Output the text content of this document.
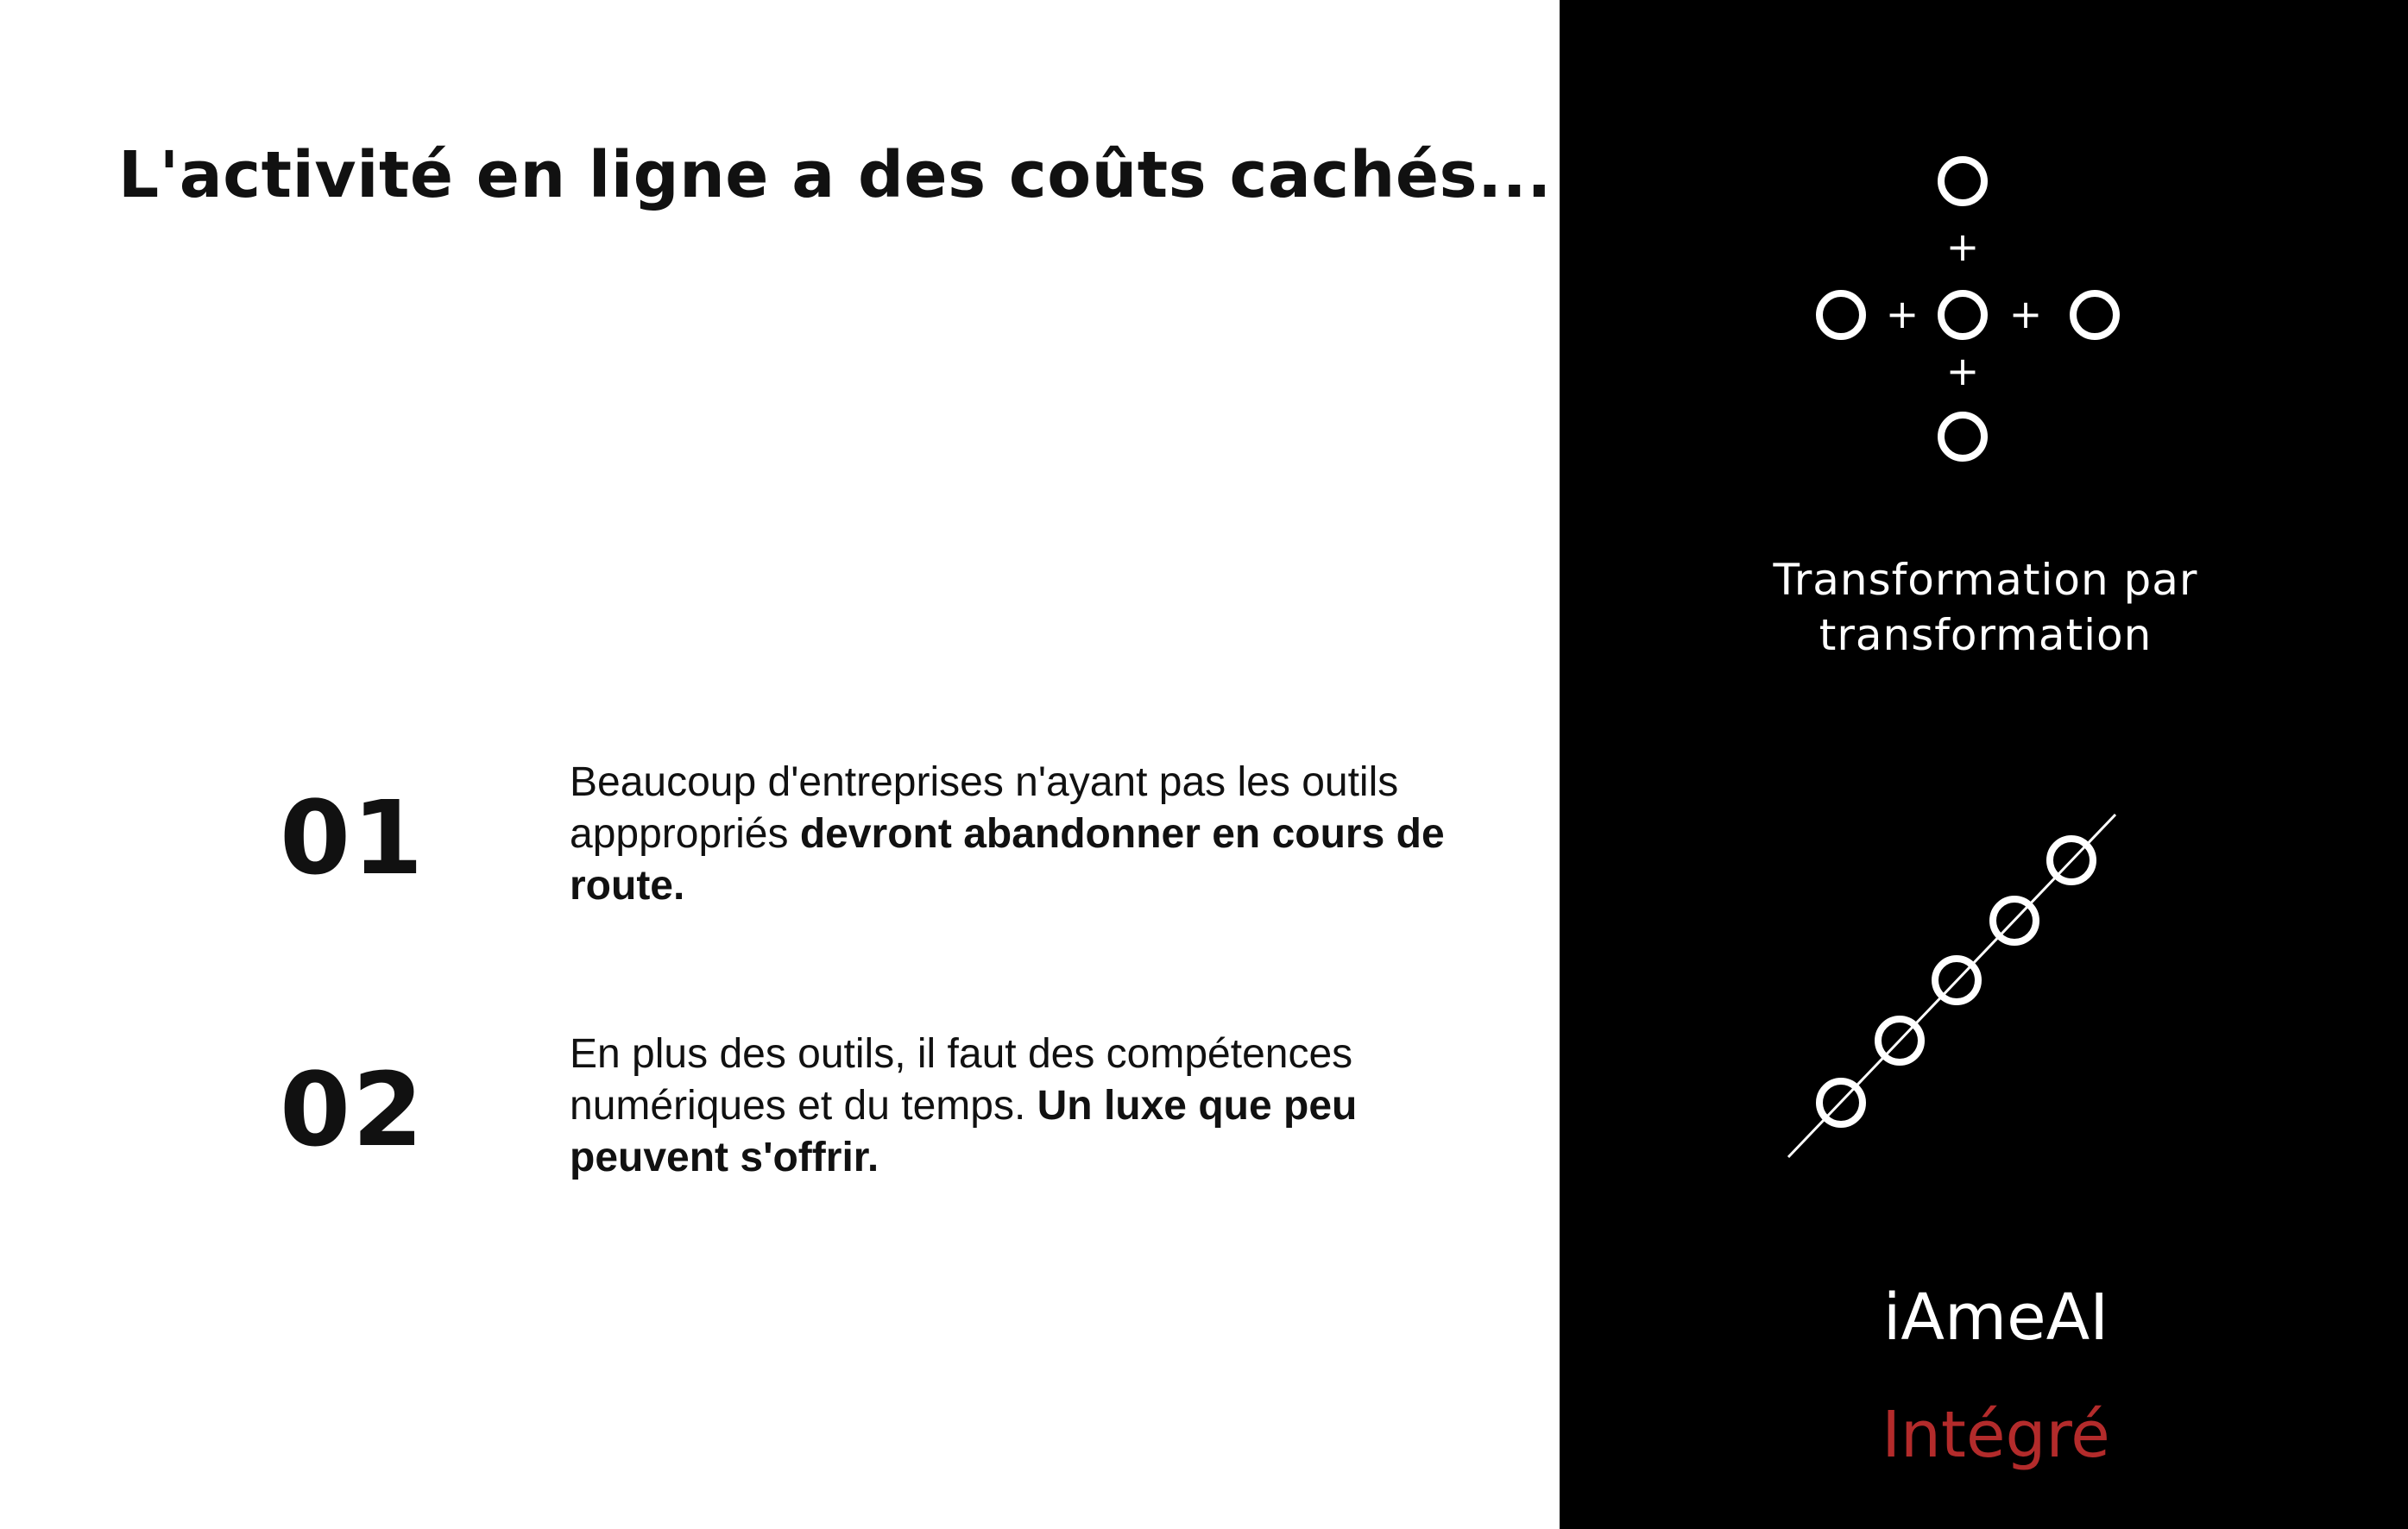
L'activité en ligne a des coûts cachés...
01	Beaucoup d'entreprises n'ayant pas les outils apppropriés devront abandonner en cours de route.

02	En plus des outils, il faut des compétences numériques et du temps. Un luxe que peu peuvent s'offrir.

+
+ +
+

Transformation par
transformation

iAmeAI
Intégré
